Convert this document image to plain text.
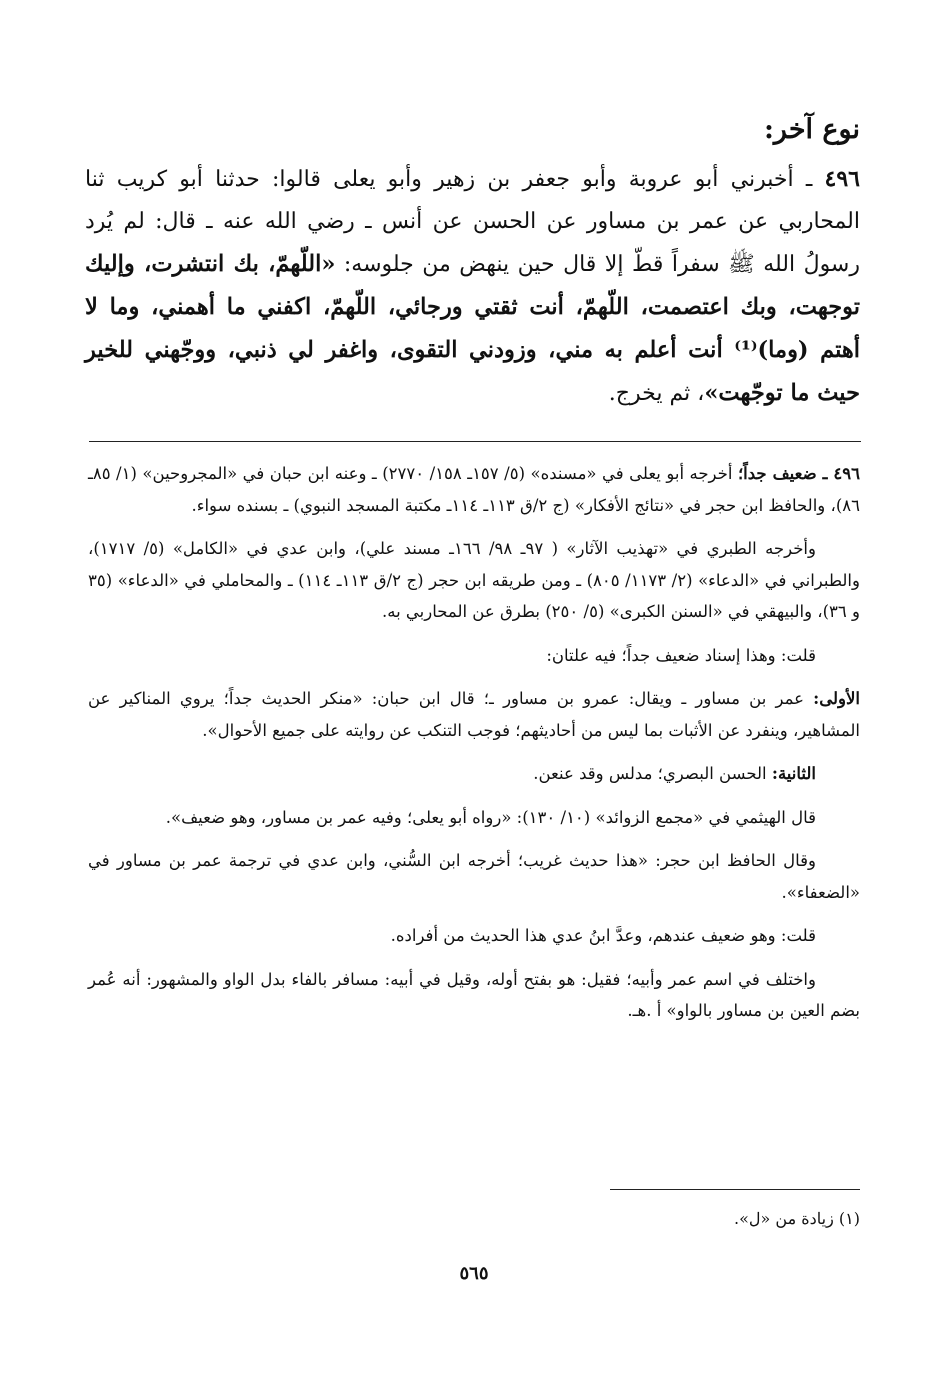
نوع آخر:

٤٩٦ ـ أخبرني أبو عروبة وأبو جعفر بن زهير وأبو يعلى قالوا: حدثنا أبو كريب ثنا المحاربي عن عمر بن مساور عن الحسن عن أنس ـ رضي الله عنه ـ قال: لم يُرد رسولُ الله ﷺ سفراً قطّ إلا قال حين ينهض من جلوسه: «اللّهمّ، بك انتشرت، وإليك توجهت، وبك اعتصمت، اللّهمّ، أنت ثقتي ورجائي، اللّهمّ، اكفني ما أهمني، وما لا أهتم (وما)⁽¹⁾ أنت أعلم به مني، وزودني التقوى، واغفر لي ذنبي، ووجّهني للخير حيث ما توجّهت»، ثم يخرج.

٤٩٦ ـ ضعيف جداً؛ أخرجه أبو يعلى في «مسنده» (٥/ ١٥٧ـ ١٥٨/ ٢٧٧٠) ـ وعنه ابن حبان في «المجروحين» (١/ ٨٥ـ ٨٦)، والحافظ ابن حجر في «نتائج الأفكار» (ج ٢/ق ١١٣ـ ١١٤ـ مكتبة المسجد النبوي) ـ بسنده سواء.

وأخرجه الطبري في «تهذيب الآثار» ( ٩٧ـ ٩٨/ ١٦٦ـ مسند علي)، وابن عدي في «الكامل» (٥/ ١٧١٧)، والطبراني في «الدعاء» (٢/ ١١٧٣/ ٨٠٥) ـ ومن طريقه ابن حجر (ج ٢/ق ١١٣ـ ١١٤) ـ والمحاملي في «الدعاء» (٣٥ و ٣٦)، والبيهقي في «السنن الكبرى» (٥/ ٢٥٠) بطرق عن المحاربي به.

قلت: وهذا إسناد ضعيف جداً؛ فيه علتان:

الأولى: عمر بن مساور ـ ويقال: عمرو بن مساور ـ؛ قال ابن حبان: «منكر الحديث جداً؛ يروي المناكير عن المشاهير، وينفرد عن الأثبات بما ليس من أحاديثهم؛ فوجب التنكب عن روايته على جميع الأحوال».

الثانية: الحسن البصري؛ مدلس وقد عنعن.

قال الهيثمي في «مجمع الزوائد» (١٠/ ١٣٠): «رواه أبو يعلى؛ وفيه عمر بن مساور، وهو ضعيف».

وقال الحافظ ابن حجر: «هذا حديث غريب؛ أخرجه ابن السُّني، وابن عدي في ترجمة عمر بن مساور في «الضعفاء».

قلت: وهو ضعيف عندهم، وعدَّ ابنُ عدي هذا الحديث من أفراده.

واختلف في اسم عمر وأبيه؛ فقيل: هو بفتح أوله، وقيل في أبيه: مسافر بالفاء بدل الواو والمشهور: أنه عُمر بضم العين بن مساور بالواو» أ .هـ.

(١) زيادة من «ل».
٥٦٥
